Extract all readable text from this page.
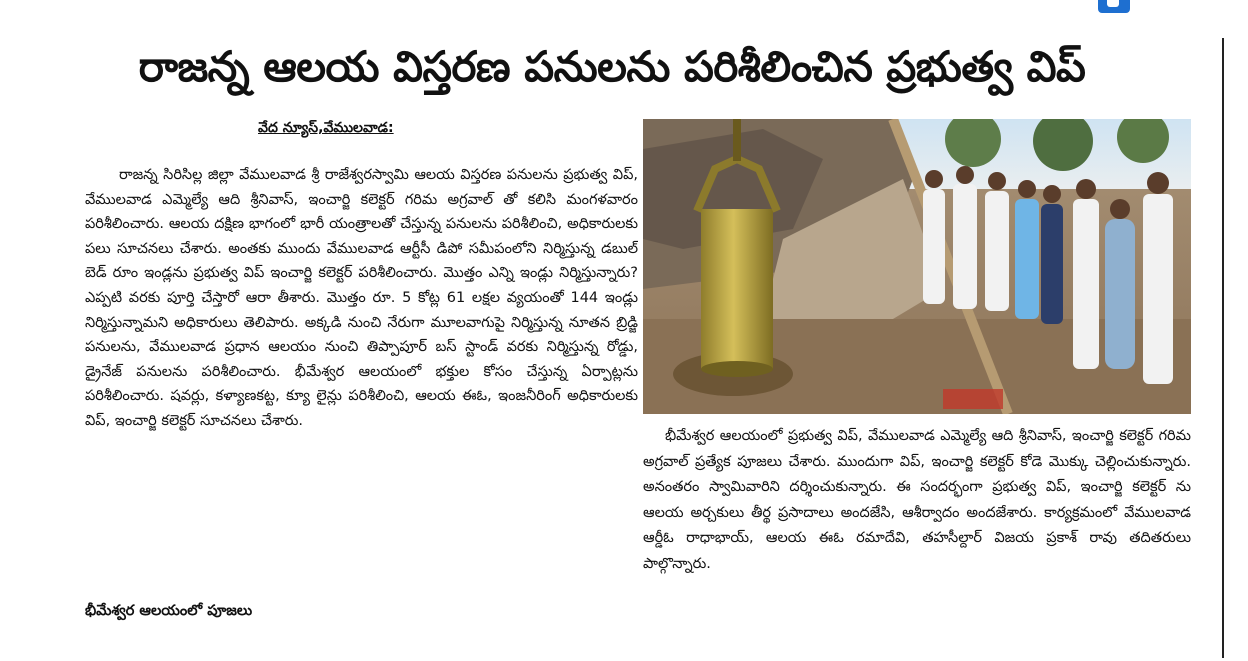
రాజన్న ఆలయ విస్తరణ పనులను పరిశీలించిన ప్రభుత్వ విప్
వేద న్యూస్,వేములవాడ:
రాజన్న సిరిసిల్ల జిల్లా వేములవాడ శ్రీ రాజేశ్వరస్వామి ఆలయ విస్తరణ పనులను ప్రభుత్వ విప్, వేములవాడ ఎమ్మెల్యే ఆది శ్రీనివాస్, ఇంచార్జి కలెక్టర్ గరిమ అగ్రవాల్ తో కలిసి మంగళవారం పరిశీలించారు. ఆలయ దక్షిణ భాగంలో భారీ యంత్రాలతో చేస్తున్న పనులను పరిశీలించి, అధికారులకు పలు సూచనలు చేశారు. అంతకు ముందు వేములవాడ ఆర్టీసీ డిపో సమీపంలోని నిర్మిస్తున్న డబుల్ బెడ్ రూం ఇండ్లను ప్రభుత్వ విప్ ఇంచార్జి కలెక్టర్ పరిశీలించారు. మొత్తం ఎన్ని ఇండ్లు నిర్మిస్తున్నారు? ఎప్పటి వరకు పూర్తి చేస్తారో ఆరా తీశారు. మొత్తం రూ. 5 కోట్ల 61 లక్షల వ్యయంతో 144 ఇండ్లు నిర్మిస్తున్నామని అధికారులు తెలిపారు. అక్కడి నుంచి నేరుగా మూలవాగుపై నిర్మిస్తున్న నూతన బ్రిడ్జి పనులను, వేములవాడ ప్రధాన ఆలయం నుంచి తిప్పాపూర్ బస్ స్టాండ్ వరకు నిర్మిస్తున్న రోడ్డు, డ్రైనేజ్ పనులను పరిశీలించారు. భీమేశ్వర ఆలయంలో భక్తుల కోసం చేస్తున్న ఏర్పాట్లను పరిశీలించారు. షవర్లు, కళ్యాణకట్ట, క్యూ లైన్లు పరిశీలించి, ఆలయ ఈఓ, ఇంజనీరింగ్ అధికారులకు విప్, ఇంచార్జి కలెక్టర్ సూచనలు చేశారు.
భీమేశ్వర ఆలయంలో పూజలు
భీమేశ్వర ఆలయంలో ప్రభుత్వ విప్, వేములవాడ ఎమ్మెల్యే ఆది శ్రీనివాస్, ఇంచార్జి కలెక్టర్ గరిమ అగ్రవాల్ ప్రత్యేక పూజలు చేశారు. ముందుగా విప్, ఇంచార్జి కలెక్టర్ కోడె మొక్కు చెల్లించుకున్నారు. అనంతరం స్వామివారిని దర్శించుకున్నారు. ఈ సందర్భంగా ప్రభుత్వ విప్, ఇంచార్జి కలెక్టర్ ను ఆలయ అర్చకులు తీర్థ ప్రసాదాలు అందజేసి, ఆశీర్వాదం అందజేశారు. కార్యక్రమంలో వేములవాడ ఆర్డీఓ రాధాభాయ్, ఆలయ ఈఓ రమాదేవి, తహసీల్దార్ విజయ ప్రకాశ్ రావు తదితరులు పాల్గొన్నారు.
